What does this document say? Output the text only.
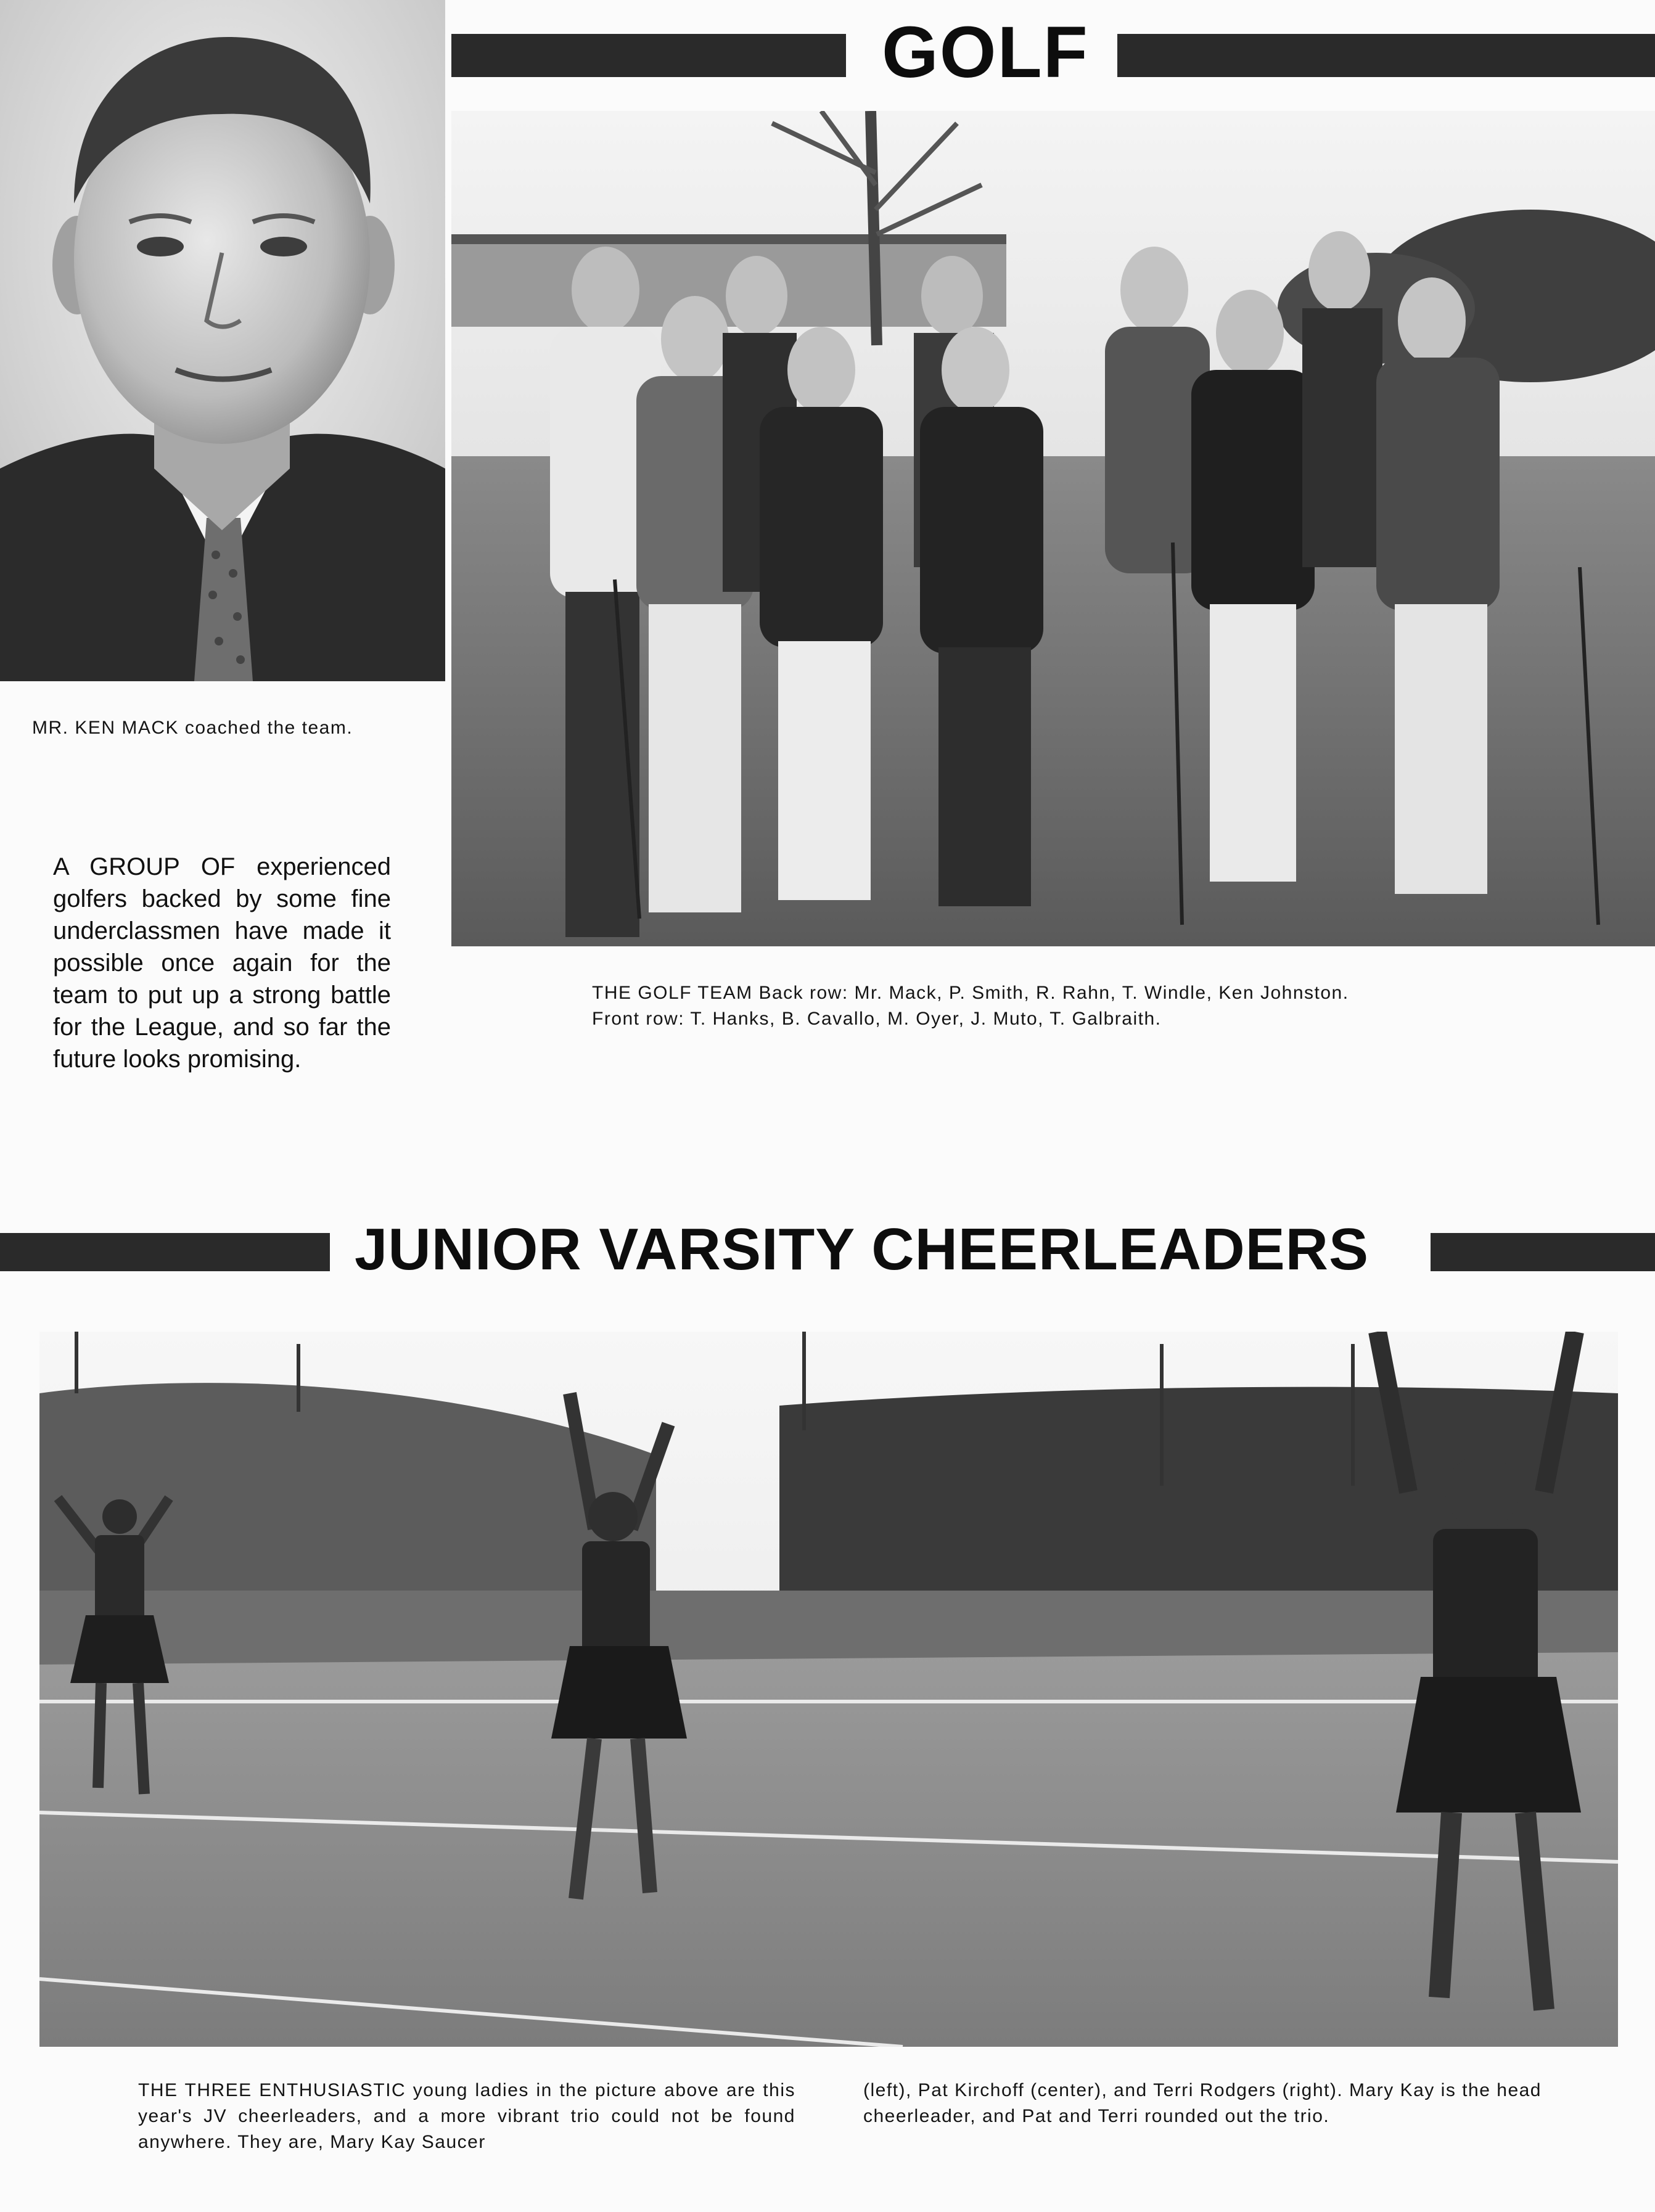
GOLF

MR. KEN MACK coached the team.

A GROUP OF experienced golfers backed by some fine underclassmen have made it possible once again for the team to put up a strong battle for the League, and so far the future looks promising.

THE GOLF TEAM Back row: Mr. Mack, P. Smith, R. Rahn, T. Windle, Ken Johnston.

Front row: T. Hanks, B. Cavallo, M. Oyer, J. Muto, T. Galbraith.

JUNIOR VARSITY CHEERLEADERS

THE THREE ENTHUSIASTIC young ladies in the picture above are this year's JV cheerleaders, and a more vibrant trio could not be found anywhere. They are, Mary Kay Saucer

(left), Pat Kirchoff (center), and Terri Rodgers (right). Mary Kay is the head cheerleader, and Pat and Terri rounded out the trio.
